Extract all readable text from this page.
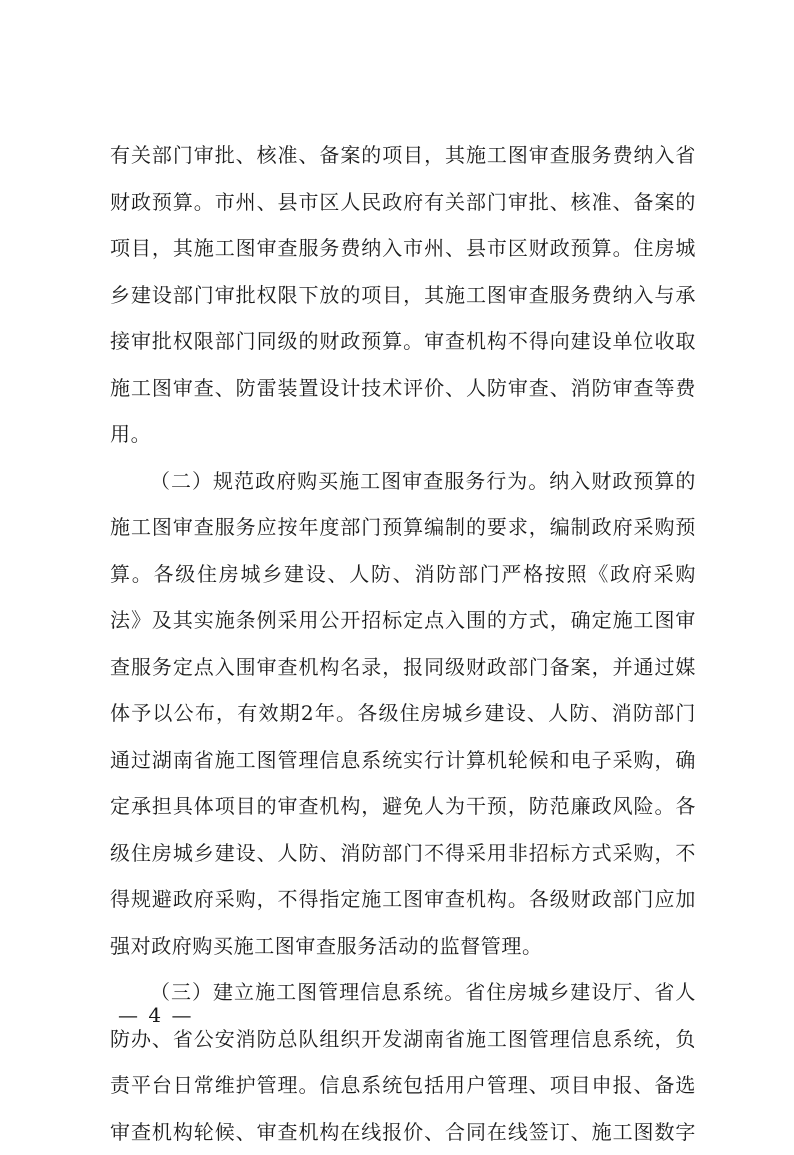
有关部门审批、核准、备案的项目，其施工图审查服务费纳入省
财政预算。市州、县市区人民政府有关部门审批、核准、备案的
项目，其施工图审查服务费纳入市州、县市区财政预算。住房城
乡建设部门审批权限下放的项目，其施工图审查服务费纳入与承
接审批权限部门同级的财政预算。审查机构不得向建设单位收取
施工图审查、防雷装置设计技术评价、人防审查、消防审查等费
用。
（二）规范政府购买施工图审查服务行为。纳入财政预算的
施工图审查服务应按年度部门预算编制的要求，编制政府采购预
算。各级住房城乡建设、人防、消防部门严格按照《政府采购
法》及其实施条例采用公开招标定点入围的方式，确定施工图审
查服务定点入围审查机构名录，报同级财政部门备案，并通过媒
体予以公布，有效期2年。各级住房城乡建设、人防、消防部门
通过湖南省施工图管理信息系统实行计算机轮候和电子采购，确
定承担具体项目的审查机构，避免人为干预，防范廉政风险。各
级住房城乡建设、人防、消防部门不得采用非招标方式采购，不
得规避政府采购，不得指定施工图审查机构。各级财政部门应加
强对政府购买施工图审查服务活动的监督管理。
（三）建立施工图管理信息系统。省住房城乡建设厅、省人
防办、省公安消防总队组织开发湖南省施工图管理信息系统，负
责平台日常维护管理。信息系统包括用户管理、项目申报、备选
审查机构轮候、审查机构在线报价、合同在线签订、施工图数字
— 4 —
